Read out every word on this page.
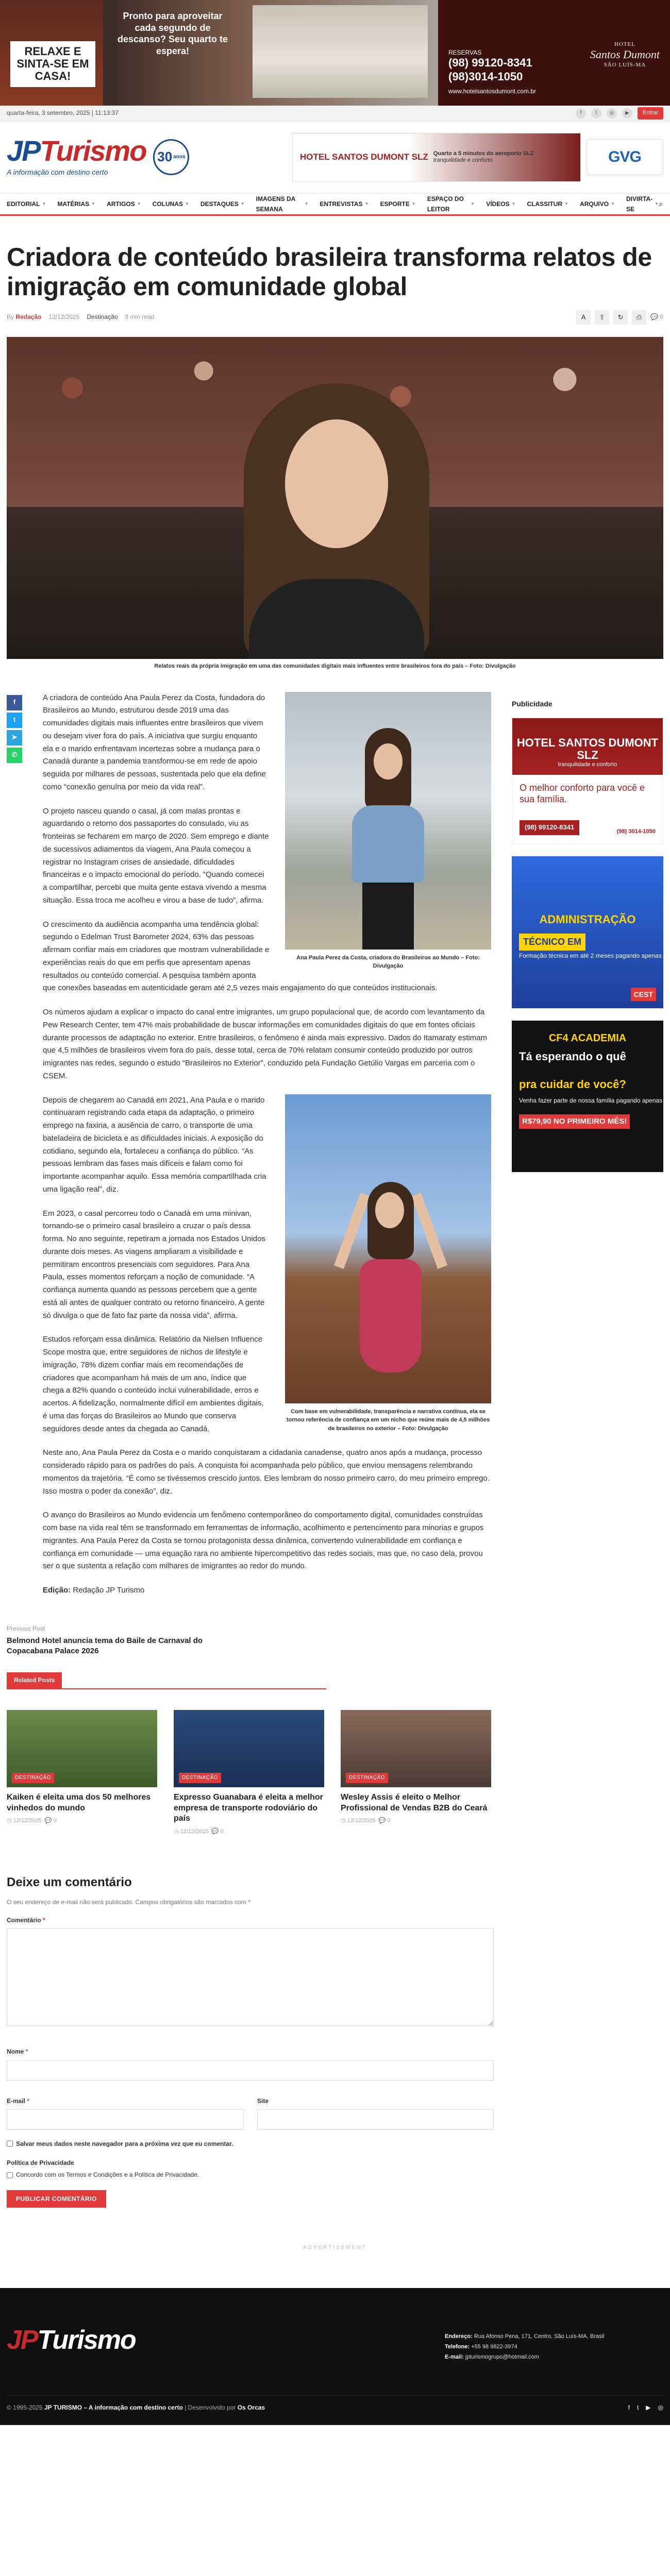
RELAXE E SINTA-SE EM CASA!
Pronto para aproveitar cada segundo de descanso? Seu quarto te espera!	RESERVAS
(98) 99120-8341
(98)3014-1050
www.hotelsantosdumont.com.br
HOTEL
Santos Dumont
SÃO LUÍS-MA
quarta-feira, 3 setembro, 2025 | 11:13:37	f	t	◎	▶	Entrar
JPTurismo
A informação com destino certo
30 anos	HOTEL SANTOS DUMONT SLZ Quarto a 5 minutos do aeroporto SLZ
tranquilidade e conforto	GVG
EDITORIAL ▼ MATÉRIAS ▼ ARTIGOS ▼ COLUNAS ▼ DESTAQUES ▼
IMAGENS DA SEMANA
▼ ENTREVISTAS ▼ ESPORTE ▼
ESPAÇO DO LEITOR
▼ VÍDEOS ▼ CLASSITUR ▼ ARQUIVO ▼
DIVIRTA-SE
▼ ⌕
Criadora de conteúdo brasileira transforma relatos de imigração em comunidade global
By Redação 12/12/2025 Destinação 3 min read	A	⇪	↻	⎙	💬 0
Relatos reais da própria imigração em uma das comunidades digitais mais influentes entre brasileiros fora do país – Foto: Divulgação
f
t
➤
✆
Ana Paula Perez da Costa, criadora do Brasileiros ao Mundo – Foto: Divulgação

A criadora de conteúdo Ana Paula Perez da Costa, fundadora do Brasileiros ao Mundo, estruturou desde 2019 uma das comunidades digitais mais influentes entre brasileiros que vivem ou desejam viver fora do país. A iniciativa que surgiu enquanto ela e o marido enfrentavam incertezas sobre a mudança para o Canadá durante a pandemia transformou-se em rede de apoio seguida por milhares de pessoas, sustentada pelo que ela define como “conexão genuína por meio da vida real”.

O projeto nasceu quando o casal, já com malas prontas e aguardando o retorno dos passaportes do consulado, viu as fronteiras se fecharem em março de 2020. Sem emprego e diante de sucessivos adiamentos da viagem, Ana Paula começou a registrar no Instagram crises de ansiedade, dificuldades financeiras e o impacto emocional do período. “Quando comecei a compartilhar, percebi que muita gente estava vivendo a mesma situação. Essa troca me acolheu e virou a base de tudo”, afirma.

O crescimento da audiência acompanha uma tendência global: segundo o Edelman Trust Barometer 2024, 63% das pessoas afirmam confiar mais em criadores que mostram vulnerabilidade e experiências reais do que em perfis que apresentam apenas resultados ou conteúdo comercial. A pesquisa também aponta que conexões baseadas em autenticidade geram até 2,5 vezes mais engajamento do que conteúdos institucionais.

Os números ajudam a explicar o impacto do canal entre imigrantes, um grupo populacional que, de acordo com levantamento da Pew Research Center, tem 47% mais probabilidade de buscar informações em comunidades digitais do que em fontes oficiais durante processos de adaptação no exterior. Entre brasileiros, o fenômeno é ainda mais expressivo. Dados do Itamaraty estimam que 4,5 milhões de brasileiros vivem fora do país, desse total, cerca de 70% relatam consumir conteúdo produzido por outros imigrantes nas redes, segundo o estudo “Brasileiros no Exterior”, conduzido pela Fundação Getúlio Vargas em parceria com o CSEM.

Com base em vulnerabilidade, transparência e narrativa contínua, ela se tornou referência de confiança em um nicho que reúne mais de 4,5 milhões de brasileiros no exterior – Foto: Divulgação

Depois de chegarem ao Canadá em 2021, Ana Paula e o marido continuaram registrando cada etapa da adaptação, o primeiro emprego na faxina, a ausência de carro, o transporte de uma bateladeira de bicicleta e as dificuldades iniciais. A exposição do cotidiano, segundo ela, fortaleceu a confiança do público. “As pessoas lembram das fases mais difíceis e falam como foi importante acompanhar aquilo. Essa memória compartilhada cria uma ligação real”, diz.

Em 2023, o casal percorreu todo o Canadá em uma minivan, tornando-se o primeiro casal brasileiro a cruzar o país dessa forma. No ano seguinte, repetiram a jornada nos Estados Unidos durante dois meses. As viagens ampliaram a visibilidade e permitiram encontros presenciais com seguidores. Para Ana Paula, esses momentos reforçam a noção de comunidade. “A confiança aumenta quando as pessoas percebem que a gente está ali antes de qualquer contrato ou retorno financeiro. A gente só divulga o que de fato faz parte da nossa vida”, afirma.

Estudos reforçam essa dinâmica. Relatório da Nielsen Influence Scope mostra que, entre seguidores de nichos de lifestyle e imigração, 78% dizem confiar mais em recomendações de criadores que acompanham há mais de um ano, índice que chega a 82% quando o conteúdo inclui vulnerabilidade, erros e acertos. A fidelização, normalmente difícil em ambientes digitais, é uma das forças do Brasileiros ao Mundo que conserva seguidores desde antes da chegada ao Canadá.

Neste ano, Ana Paula Perez da Costa e o marido conquistaram a cidadania canadense, quatro anos após a mudança, processo considerado rápido para os padrões do país. A conquista foi acompanhada pelo público, que enviou mensagens relembrando momentos da trajetória. “É como se tivéssemos crescido juntos. Eles lembram do nosso primeiro carro, do meu primeiro emprego. Isso mostra o poder da conexão”, diz.

O avanço do Brasileiros ao Mundo evidencia um fenômeno contemporâneo do comportamento digital, comunidades construídas com base na vida real têm se transformado em ferramentas de informação, acolhimento e pertencimento para minorias e grupos migrantes. Ana Paula Perez da Costa se tornou protagonista dessa dinâmica, convertendo vulnerabilidade em confiança e confiança em comunidade — uma equação rara no ambiente hipercompetitivo das redes sociais, mas que, no caso dela, provou ser o que sustenta a relação com milhares de imigrantes ao redor do mundo.

Edição: Redação JP Turismo

Publicidade
HOTEL SANTOS DUMONT SLZ
tranquilidade e conforto
O melhor conforto para você e sua família.
(98) 99120-8341
(98) 3014-1050
ADMINISTRAÇÃO
TÉCNICO EM
Formação técnica em até 2 meses pagando apenas
CEST
CF4 ACADEMIA
Tá esperando o quê
pra cuidar de você?
Venha fazer parte de nossa família pagando apenas
R$79,90 NO PRIMEIRO MÊS!
Previous Post
Belmond Hotel anuncia tema do Baile de Carnaval do Copacabana Palace 2026
Related Posts
DESTINAÇÃO
Kaiken é eleita uma dos 50 melhores vinhedos do mundo
◷ 12/12/2025  💬 0
DESTINAÇÃO
Expresso Guanabara é eleita a melhor empresa de transporte rodoviário do país
◷ 12/12/2025  💬 0
DESTINAÇÃO
Wesley Assis é eleito o Melhor Profissional de Vendas B2B do Ceará
◷ 12/12/2025  💬 0
Deixe um comentário
O seu endereço de e-mail não será publicado. Campos obrigatórios são marcados com *
Comentário *
Nome *
E-mail *	Site
Salvar meus dados neste navegador para a próxima vez que eu comentar.
Política de Privacidade
Concordo com os Termos e Condições e a Política de Privacidade.
PUBLICAR COMENTÁRIO
ADVERTISEMENT
JPTurismo	Endereço: Rua Afonso Pena, 171, Centro, São Luís-MA, Brasil
Telefone: +55 98 9822-3974
E-mail: jpturismogrupo@hotmail.com
© 1995-2025 JP TURISMO – A informação com destino certo | Desenvolvido por Os Orcas	f t ▶ ◎
